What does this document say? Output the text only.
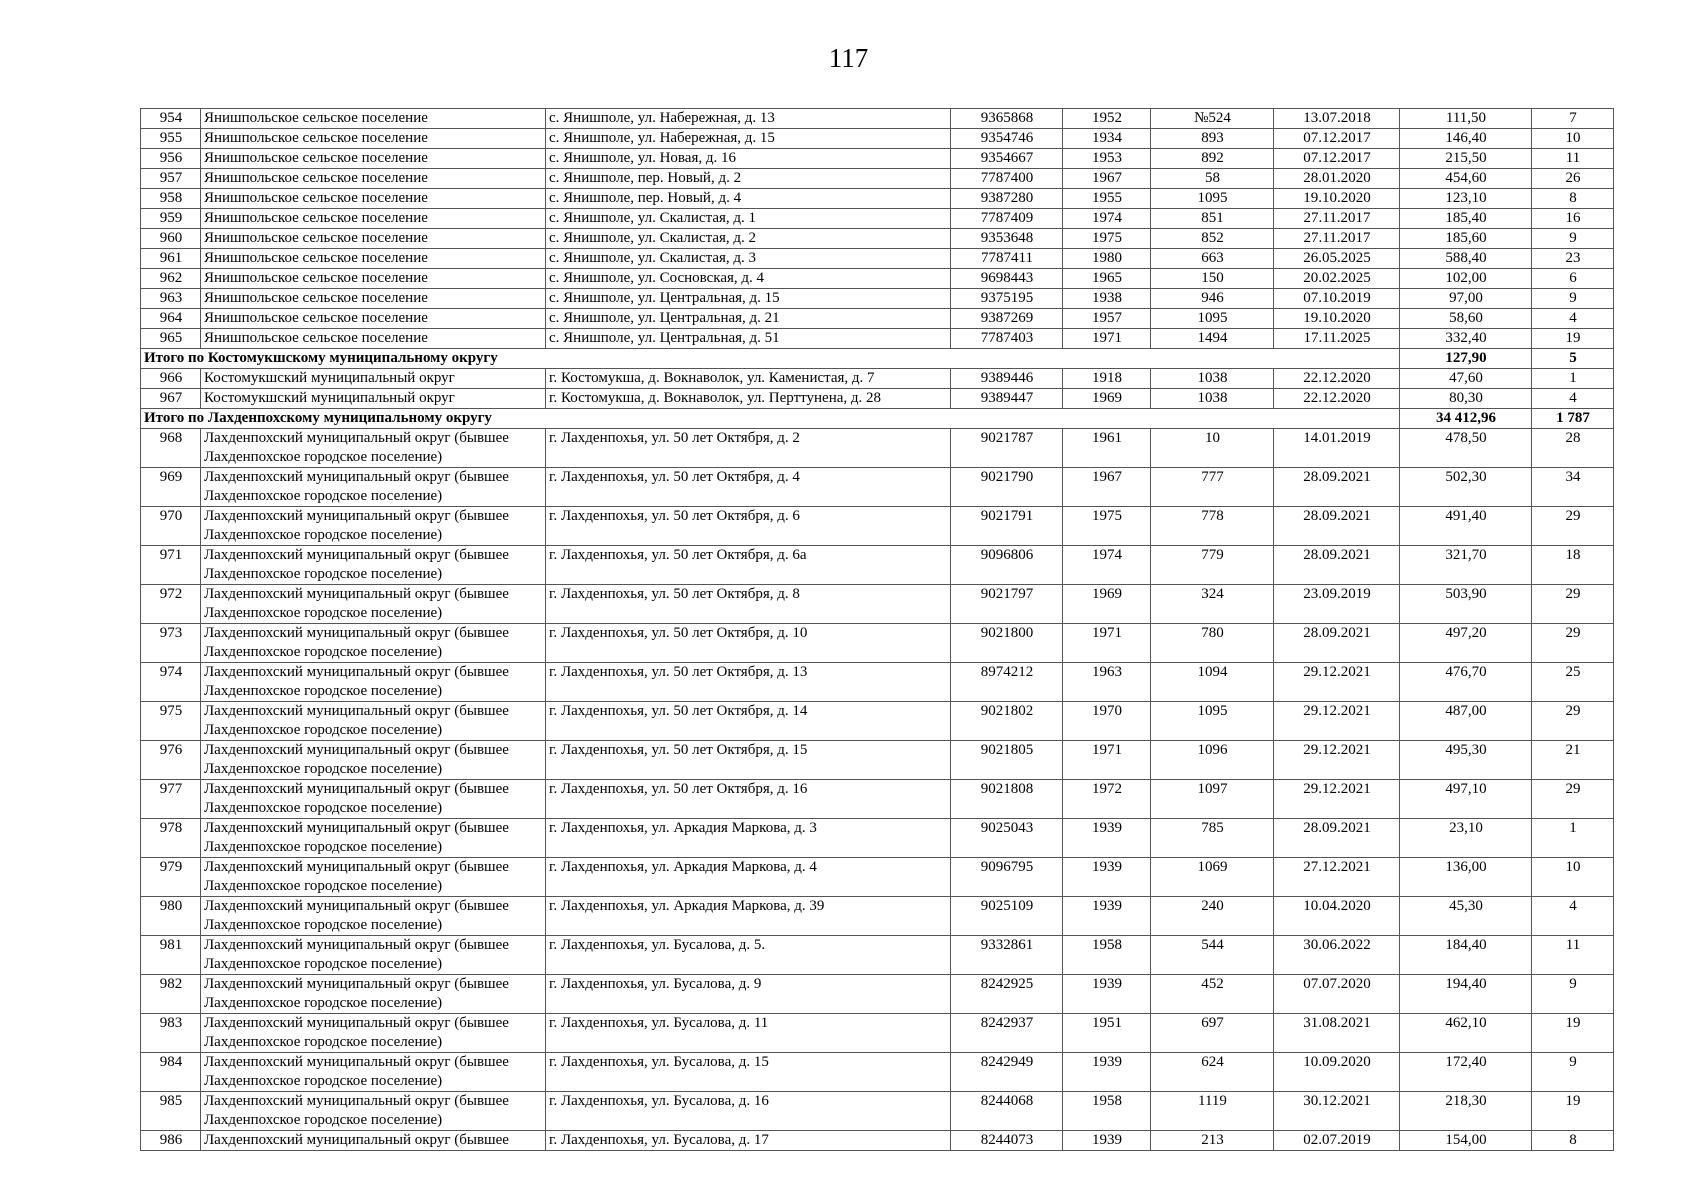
117
954	Янишпольское сельское поселение	с. Янишполе, ул. Набережная, д. 13	9365868	1952	№524	13.07.2018	111,50	7
955	Янишпольское сельское поселение	с. Янишполе, ул. Набережная, д. 15	9354746	1934	893	07.12.2017	146,40	10
956	Янишпольское сельское поселение	с. Янишполе, ул. Новая, д. 16	9354667	1953	892	07.12.2017	215,50	11
957	Янишпольское сельское поселение	с. Янишполе, пер. Новый, д. 2	7787400	1967	58	28.01.2020	454,60	26
958	Янишпольское сельское поселение	с. Янишполе, пер. Новый, д. 4	9387280	1955	1095	19.10.2020	123,10	8
959	Янишпольское сельское поселение	с. Янишполе, ул. Скалистая, д. 1	7787409	1974	851	27.11.2017	185,40	16
960	Янишпольское сельское поселение	с. Янишполе, ул. Скалистая, д. 2	9353648	1975	852	27.11.2017	185,60	9
961	Янишпольское сельское поселение	с. Янишполе, ул. Скалистая, д. 3	7787411	1980	663	26.05.2025	588,40	23
962	Янишпольское сельское поселение	с. Янишполе, ул. Сосновская, д. 4	9698443	1965	150	20.02.2025	102,00	6
963	Янишпольское сельское поселение	с. Янишполе, ул. Центральная, д. 15	9375195	1938	946	07.10.2019	97,00	9
964	Янишпольское сельское поселение	с. Янишполе, ул. Центральная, д. 21	9387269	1957	1095	19.10.2020	58,60	4
965	Янишпольское сельское поселение	с. Янишполе, ул. Центральная, д. 51	7787403	1971	1494	17.11.2025	332,40	19
Итого по Костомукшскому муниципальному округу							127,90	5
966	Костомукшский муниципальный округ	г. Костомукша, д. Вокнаволок, ул. Каменистая, д. 7	9389446	1918	1038	22.12.2020	47,60	1
967	Костомукшский муниципальный округ	г. Костомукша, д. Вокнаволок, ул. Перттунена, д. 28	9389447	1969	1038	22.12.2020	80,30	4
Итого по Лахденпохскому муниципальному округу							34 412,96	1 787
968	Лахденпохский муниципальный округ (бывшее Лахденпохское городское поселение)	г. Лахденпохья, ул. 50 лет Октября, д. 2	9021787	1961	10	14.01.2019	478,50	28
969	Лахденпохский муниципальный округ (бывшее Лахденпохское городское поселение)	г. Лахденпохья, ул. 50 лет Октября, д. 4	9021790	1967	777	28.09.2021	502,30	34
970	Лахденпохский муниципальный округ (бывшее Лахденпохское городское поселение)	г. Лахденпохья, ул. 50 лет Октября, д. 6	9021791	1975	778	28.09.2021	491,40	29
971	Лахденпохский муниципальный округ (бывшее Лахденпохское городское поселение)	г. Лахденпохья, ул. 50 лет Октября, д. 6а	9096806	1974	779	28.09.2021	321,70	18
972	Лахденпохский муниципальный округ (бывшее Лахденпохское городское поселение)	г. Лахденпохья, ул. 50 лет Октября, д. 8	9021797	1969	324	23.09.2019	503,90	29
973	Лахденпохский муниципальный округ (бывшее Лахденпохское городское поселение)	г. Лахденпохья, ул. 50 лет Октября, д. 10	9021800	1971	780	28.09.2021	497,20	29
974	Лахденпохский муниципальный округ (бывшее Лахденпохское городское поселение)	г. Лахденпохья, ул. 50 лет Октября, д. 13	8974212	1963	1094	29.12.2021	476,70	25
975	Лахденпохский муниципальный округ (бывшее Лахденпохское городское поселение)	г. Лахденпохья, ул. 50 лет Октября, д. 14	9021802	1970	1095	29.12.2021	487,00	29
976	Лахденпохский муниципальный округ (бывшее Лахденпохское городское поселение)	г. Лахденпохья, ул. 50 лет Октября, д. 15	9021805	1971	1096	29.12.2021	495,30	21
977	Лахденпохский муниципальный округ (бывшее Лахденпохское городское поселение)	г. Лахденпохья, ул. 50 лет Октября, д. 16	9021808	1972	1097	29.12.2021	497,10	29
978	Лахденпохский муниципальный округ (бывшее Лахденпохское городское поселение)	г. Лахденпохья, ул. Аркадия Маркова, д. 3	9025043	1939	785	28.09.2021	23,10	1
979	Лахденпохский муниципальный округ (бывшее Лахденпохское городское поселение)	г. Лахденпохья, ул. Аркадия Маркова, д. 4	9096795	1939	1069	27.12.2021	136,00	10
980	Лахденпохский муниципальный округ (бывшее Лахденпохское городское поселение)	г. Лахденпохья, ул. Аркадия Маркова, д. 39	9025109	1939	240	10.04.2020	45,30	4
981	Лахденпохский муниципальный округ (бывшее Лахденпохское городское поселение)	г. Лахденпохья, ул. Бусалова, д. 5.	9332861	1958	544	30.06.2022	184,40	11
982	Лахденпохский муниципальный округ (бывшее Лахденпохское городское поселение)	г. Лахденпохья, ул. Бусалова, д. 9	8242925	1939	452	07.07.2020	194,40	9
983	Лахденпохский муниципальный округ (бывшее Лахденпохское городское поселение)	г. Лахденпохья, ул. Бусалова, д. 11	8242937	1951	697	31.08.2021	462,10	19
984	Лахденпохский муниципальный округ (бывшее Лахденпохское городское поселение)	г. Лахденпохья, ул. Бусалова, д. 15	8242949	1939	624	10.09.2020	172,40	9
985	Лахденпохский муниципальный округ (бывшее Лахденпохское городское поселение)	г. Лахденпохья, ул. Бусалова, д. 16	8244068	1958	1119	30.12.2021	218,30	19
986	Лахденпохский муниципальный округ (бывшее	г. Лахденпохья, ул. Бусалова, д. 17	8244073	1939	213	02.07.2019	154,00	8
